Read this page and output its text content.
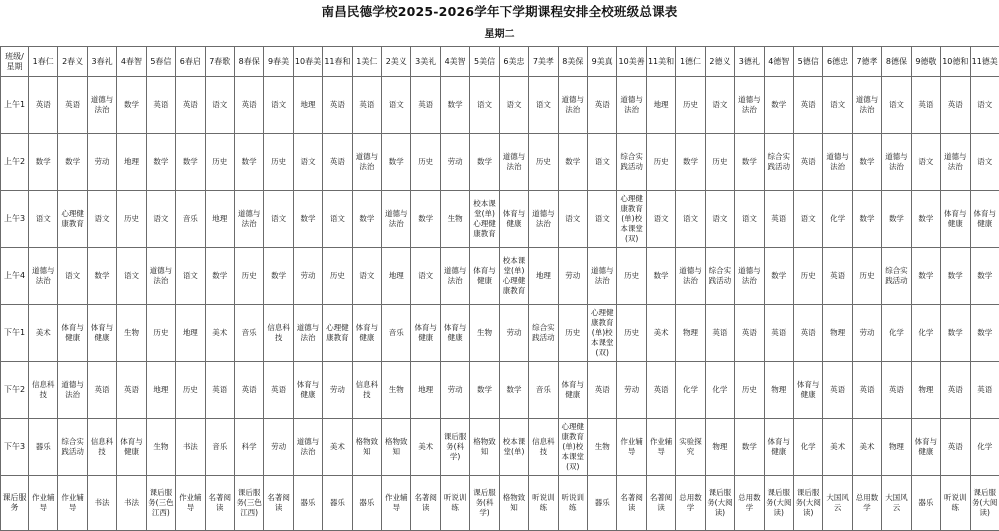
南昌民德学校2025-2026学年下学期课程安排全校班级总课表
星期二
班级/星期	1春仁	2春义	3春礼	4春智	5春信	6春启	7春歌	8春保	9春美	10春美	11春和	1美仁	2美义	3美礼	4美智	5美信	6美忠	7美孝	8美保	9美真	10美善	11美和	1德仁	2德义	3德礼	4德智	5德信	6德忠	7德孝	8德保	9德敬	10德和	11德美
上午1	英语	英语	道德与法治	数学	英语	英语	语文	英语	语文	地理	英语	英语	语文	英语	数学	语文	语文	语文	道德与法治	英语	道德与法治	地理	历史	语文	道德与法治	数学	英语	语文	道德与法治	语文	英语	英语	语文
上午2	数学	数学	劳动	地理	数学	数学	历史	数学	历史	语文	英语	道德与法治	数学	历史	劳动	数学	道德与法治	历史	数学	语文	综合实践活动	历史	数学	历史	数学	综合实践活动	英语	道德与法治	数学	道德与法治	语文	道德与法治	语文
上午3	语文	心理健康教育	语文	历史	语文	音乐	地理	道德与法治	语文	数学	语文	数学	道德与法治	数学	生物	校本课堂(单)心理健康教育	体育与健康	道德与法治	语文	语文	心理健康教育(单)校本课堂(双)	语文	语文	语文	语文	英语	语文	化学	数学	数学	数学	体育与健康	体育与健康
上午4	道德与法治	语文	数学	语文	道德与法治	语文	数学	历史	数学	劳动	历史	语文	地理	语文	道德与法治	体育与健康	校本课堂(单)心理健康教育	地理	劳动	道德与法治	历史	数学	道德与法治	综合实践活动	道德与法治	数学	历史	英语	历史	综合实践活动	数学	数学	数学
下午1	美术	体育与健康	体育与健康	生物	历史	地理	美术	音乐	信息科技	道德与法治	心理健康教育	体育与健康	音乐	体育与健康	体育与健康	生物	劳动	综合实践活动	历史	心理健康教育(单)校本课堂(双)	历史	美术	物理	英语	英语	英语	英语	物理	劳动	化学	化学	数学	数学
下午2	信息科技	道德与法治	英语	英语	地理	历史	英语	英语	英语	体育与健康	劳动	信息科技	生物	地理	劳动	数学	数学	音乐	体育与健康	英语	劳动	英语	化学	化学	历史	物理	体育与健康	英语	英语	英语	物理	英语	英语
下午3	器乐	综合实践活动	信息科技	体育与健康	生物	书法	音乐	科学	劳动	道德与法治	美术	格物致知	格物致知	美术	课后服务(科学)	格物致知	校本课堂(单)	信息科技	心理健康教育(单)校本课堂(双)	生物	作业辅导	作业辅导	实验探究	物理	数学	体育与健康	化学	美术	美术	物理	体育与健康	英语	化学
课后服务	作业辅导	作业辅导	书法	书法	课后服务(三色江西)	作业辅导	名著阅读	课后服务(三色江西)	名著阅读	器乐	器乐	器乐	作业辅导	名著阅读	听说训练	课后服务(科学)	格物致知	听说训练	听说训练	器乐	名著阅读	名著阅读	总用数学	课后服务(大阅读)	总用数学	课后服务(大阅读)	课后服务(大阅读)	大国风云	总用数学	大国风云	器乐	听说训练	课后服务(大阅读)
